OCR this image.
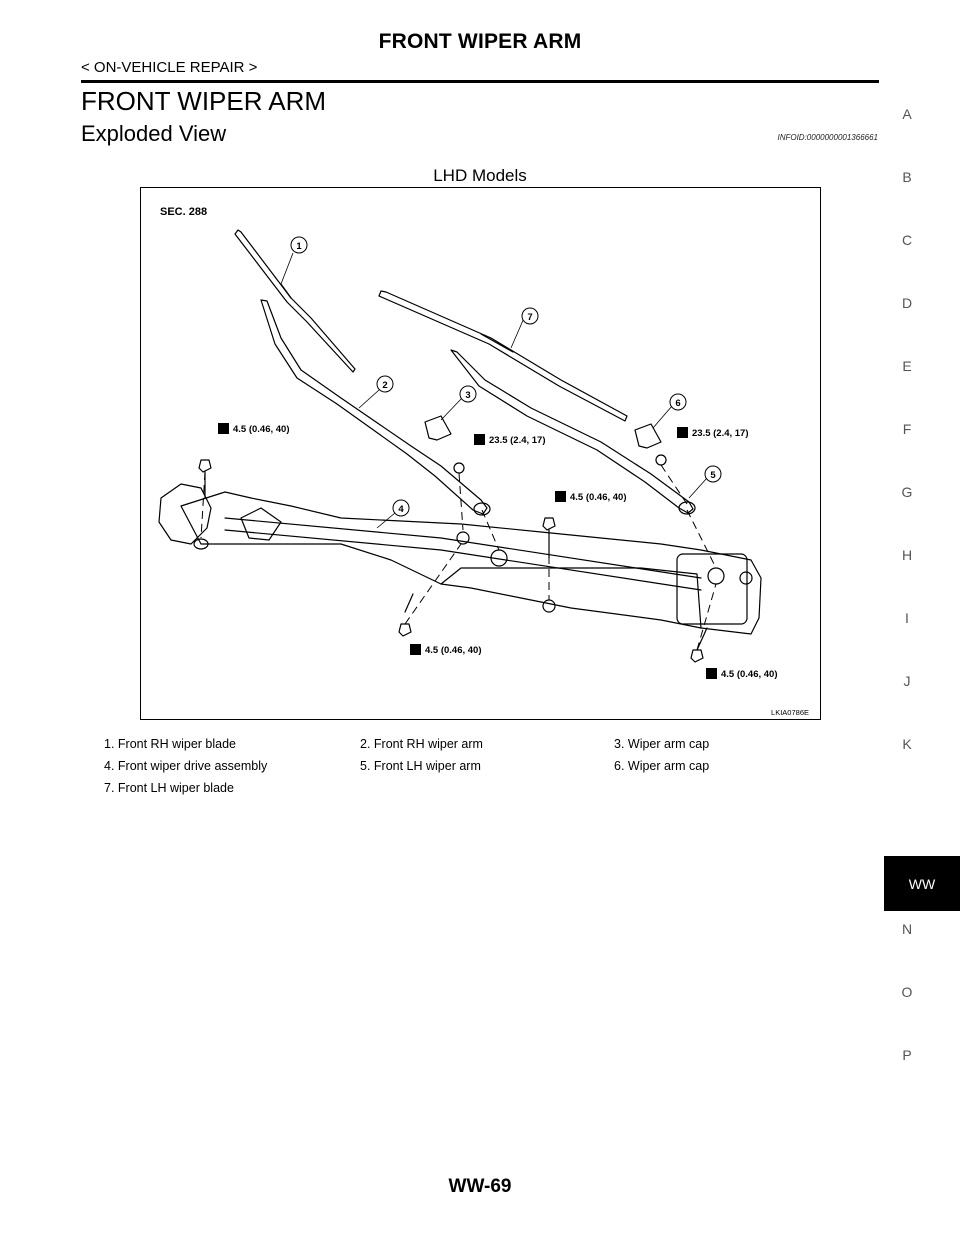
FRONT WIPER ARM
< ON-VEHICLE REPAIR >
FRONT WIPER ARM
Exploded View	INFOID:0000000001366661
LHD Models
1
2
3
4
5
6
7
SEC. 288
4.5 (0.46, 40)
23.5 (2.4, 17)
23.5 (2.4, 17)
4.5 (0.46, 40)
4.5 (0.46, 40)
4.5 (0.46, 40)
LKIA0786E
1. Front RH wiper blade	2. Front RH wiper arm	3. Wiper arm cap
4. Front wiper drive assembly	5. Front LH wiper arm	6. Wiper arm cap
7. Front LH wiper blade
A
B
C
D
E
F
G
H
I
J
K
N
O
P
WW
WW-69
